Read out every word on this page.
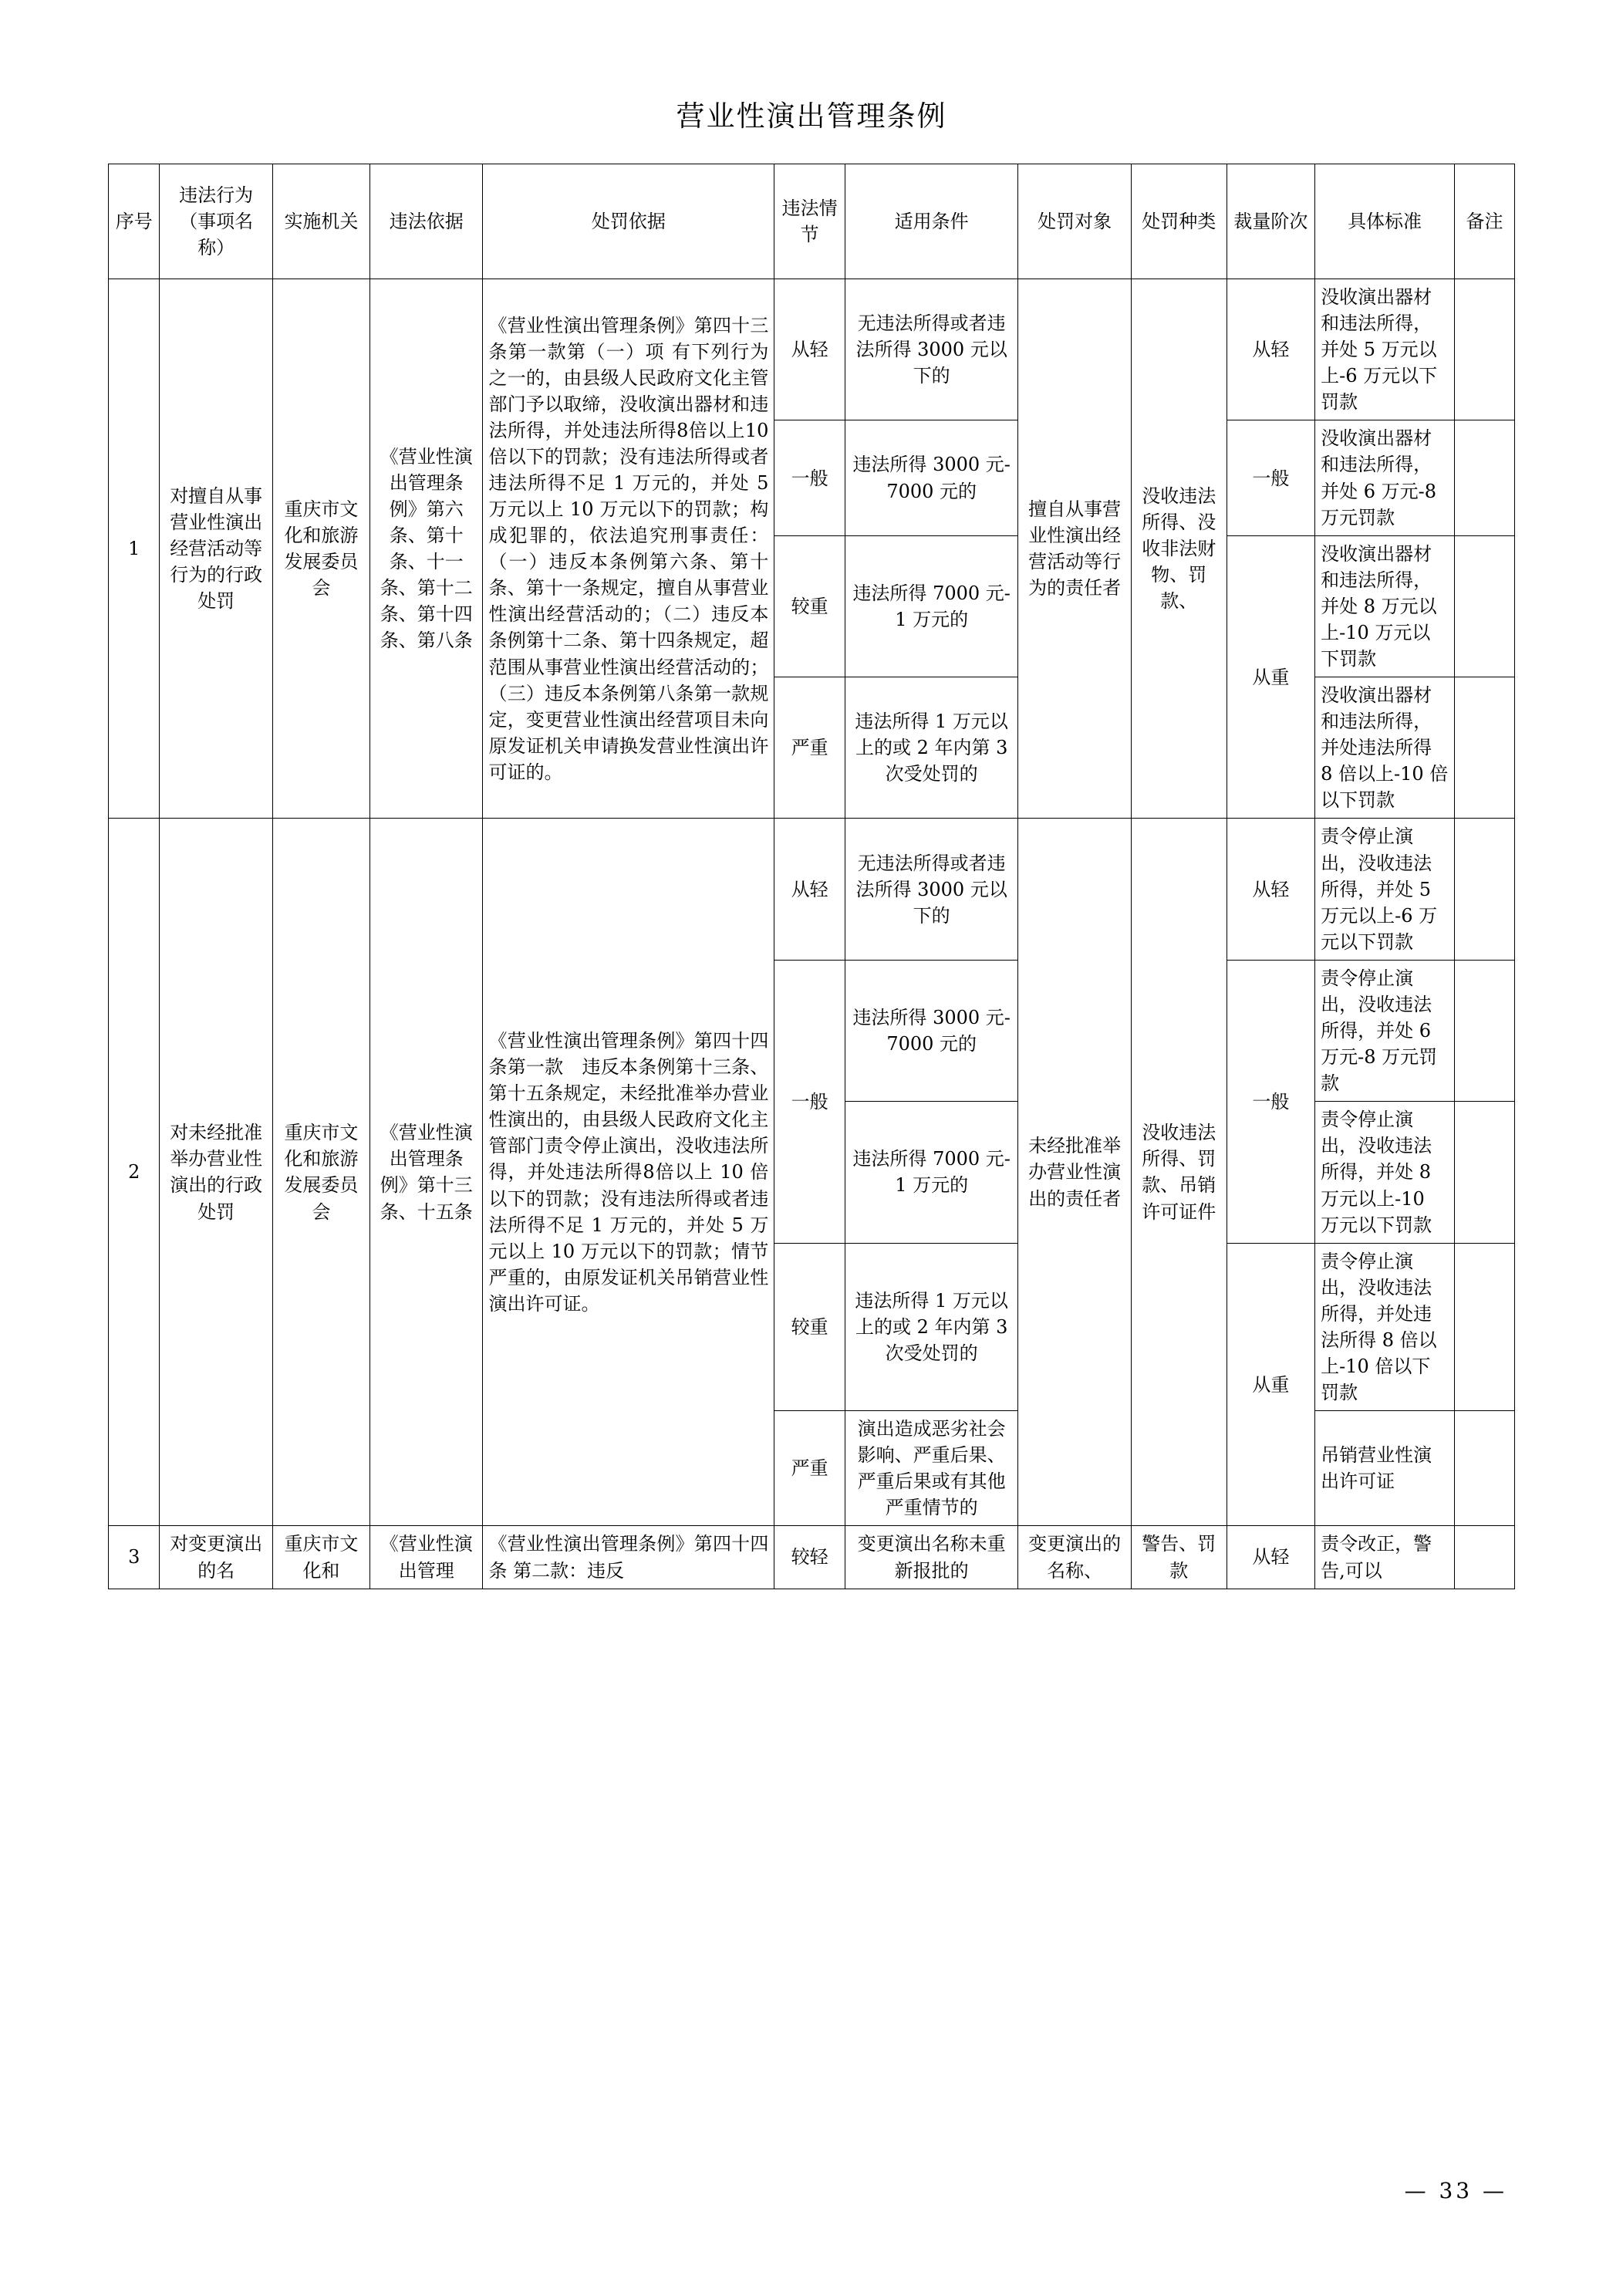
营业性演出管理条例
序号	违法行为（事项名称）	实施机关	违法依据	处罚依据	违法情节	适用条件	处罚对象	处罚种类	裁量阶次	具体标准	备注
1	对擅自从事营业性演出经营活动等行为的行政处罚	重庆市文化和旅游发展委员会	《营业性演出管理条例》第六条、第十条、十一条、第十二条、第十四条、第八条	《营业性演出管理条例》第四十三条第一款第（一）项 有下列行为之一的，由县级人民政府文化主管部门予以取缔，没收演出器材和违法所得，并处违法所得8倍以上10倍以下的罚款；没有违法所得或者违法所得不足 1 万元的，并处 5 万元以上 10 万元以下的罚款；构成犯罪的，依法追究刑事责任：（一）违反本条例第六条、第十条、第十一条规定，擅自从事营业性演出经营活动的；（二）违反本条例第十二条、第十四条规定，超范围从事营业性演出经营活动的；（三）违反本条例第八条第一款规定，变更营业性演出经营项目未向原发证机关申请换发营业性演出许可证的。	从轻	无违法所得或者违法所得 3000 元以下的	擅自从事营业性演出经营活动等行为的责任者	没收违法所得、没收非法财物、罚款、	从轻	没收演出器材和违法所得，并处 5 万元以上-6 万元以下罚款	
					一般	违法所得 3000 元-7000 元的			一般	没收演出器材和违法所得，并处 6 万元-8 万元罚款	
					较重	违法所得 7000 元-1 万元的			从重	没收演出器材和违法所得，并处 8 万元以上-10 万元以下罚款	
					严重	违法所得 1 万元以上的或 2 年内第 3 次受处罚的				没收演出器材和违法所得，并处违法所得 8 倍以上-10 倍以下罚款	
2	对未经批准举办营业性演出的行政处罚	重庆市文化和旅游发展委员会	《营业性演出管理条例》第十三条、十五条	《营业性演出管理条例》第四十四条第一款　违反本条例第十三条、第十五条规定，未经批准举办营业性演出的，由县级人民政府文化主管部门责令停止演出，没收违法所得，并处违法所得8倍以上 10 倍以下的罚款；没有违法所得或者违法所得不足 1 万元的，并处 5 万元以上 10 万元以下的罚款；情节严重的，由原发证机关吊销营业性演出许可证。	从轻	无违法所得或者违法所得 3000 元以下的	未经批准举办营业性演出的责任者	没收违法所得、罚款、吊销许可证件	从轻	责令停止演出，没收违法所得，并处 5 万元以上-6 万元以下罚款	
					一般	违法所得 3000 元-7000 元的			一般	责令停止演出，没收违法所得，并处 6 万元-8 万元罚款	
						违法所得 7000 元-1 万元的				责令停止演出，没收违法所得，并处 8 万元以上-10 万元以下罚款	
					较重	违法所得 1 万元以上的或 2 年内第 3 次受处罚的			从重	责令停止演出，没收违法所得，并处违法所得 8 倍以上-10 倍以下罚款	
					严重	演出造成恶劣社会影响、严重后果、严重后果或有其他严重情节的				吊销营业性演出许可证	
3	对变更演出的名	重庆市文化和	《营业性演出管理	《营业性演出管理条例》第四十四条 第二款：违反	较轻	变更演出名称未重新报批的	变更演出的名称、	警告、罚款	从轻	责令改正，警告,可以	
— 33 —
